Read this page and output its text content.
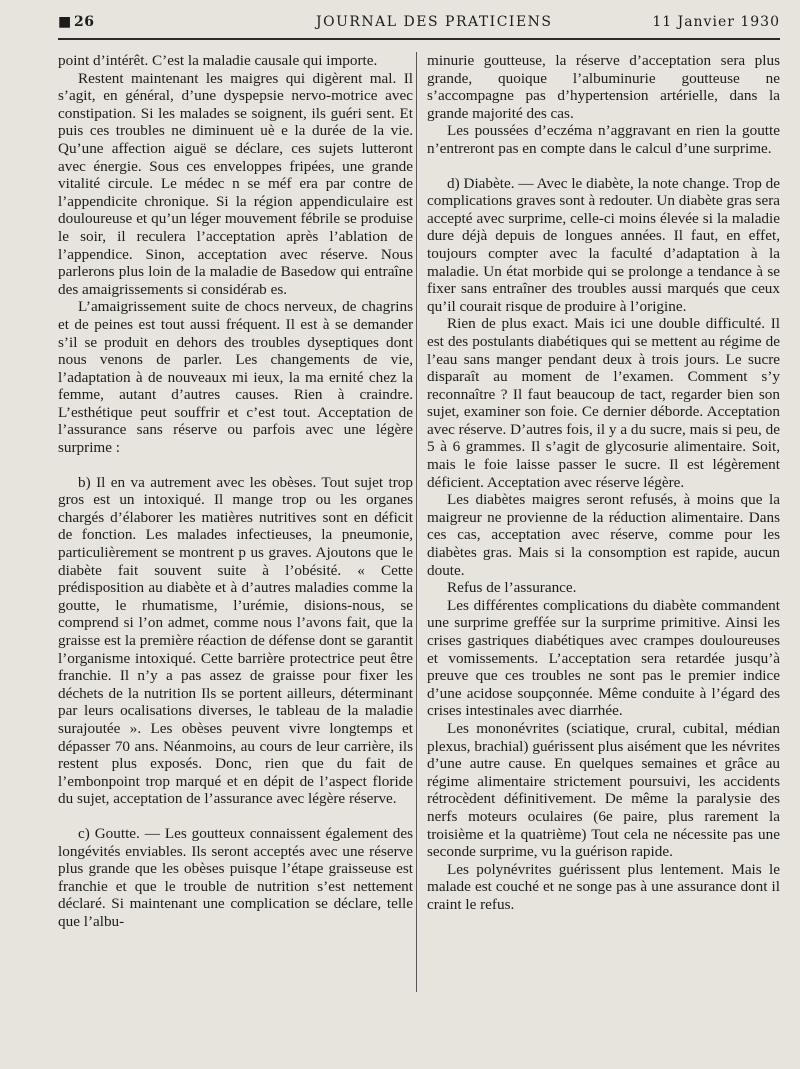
■ 26	JOURNAL DES PRATICIENS	11 Janvier 1930

point d’intérêt. C’est la maladie causale qui importe.

Restent maintenant les maigres qui digèrent mal. Il s’agit, en général, d’une dyspepsie nervo-motrice avec constipation. Si les malades se soignent, ils guéri sent. Et puis ces troubles ne diminuent uè e la durée de la vie. Qu’une affection aiguë se déclare, ces sujets lutteront avec énergie. Sous ces enveloppes fripées, une grande vitalité circule. Le médec n se méf era par contre de l’appendicite chronique. Si la région appendiculaire est douloureuse et qu’un léger mouvement fébrile se produise le soir, il reculera l’acceptation après l’ablation de l’appendice. Sinon, acceptation avec réserve. Nous parlerons plus loin de la maladie de Basedow qui entraîne des amaigrissements si considérab es.

L’amaigrissement suite de chocs nerveux, de chagrins et de peines est tout aussi fréquent. Il est à se demander s’il se produit en dehors des troubles dyseptiques dont nous venons de parler. Les changements de vie, l’adaptation à de nouveaux mi ieux, la ma ernité chez la femme, autant d’autres causes. Rien à craindre. L’esthétique peut souffrir et c’est tout. Acceptation de l’assurance sans réserve ou parfois avec une légère surprime :

b) Il en va autrement avec les obèses. Tout sujet trop gros est un intoxiqué. Il mange trop ou les organes chargés d’élaborer les matières nutritives sont en déficit de fonction. Les malades infectieuses, la pneumonie, particulièrement se montrent p us graves. Ajoutons que le diabète fait souvent suite à l’obésité. « Cette prédisposition au diabète et à d’autres maladies comme la goutte, le rhumatisme, l’urémie, disions-nous, se comprend si l’on admet, comme nous l’avons fait, que la graisse est la première réaction de défense dont se garantit l’organisme intoxiqué. Cette barrière protectrice peut être franchie. Il n’y a pas assez de graisse pour fixer les déchets de la nutrition Ils se portent ailleurs, déterminant par leurs ocalisations diverses, le tableau de la maladie surajoutée ». Les obèses peuvent vivre longtemps et dépasser 70 ans. Néanmoins, au cours de leur carrière, ils restent plus exposés. Donc, rien que du fait de l’embonpoint trop marqué et en dépit de l’aspect floride du sujet, acceptation de l’assurance avec légère réserve.

c) Goutte. — Les goutteux connaissent également des longévités enviables. Ils seront acceptés avec une réserve plus grande que les obèses puisque l’étape graisseuse est franchie et que le trouble de nutrition s’est nettement déclaré. Si maintenant une complication se déclare, telle que l’albu-

minurie goutteuse, la réserve d’acceptation sera plus grande, quoique l’albuminurie goutteuse ne s’accompagne pas d’hypertension artérielle, dans la grande majorité des cas.

Les poussées d’eczéma n’aggravant en rien la goutte n’entreront pas en compte dans le calcul d’une surprime.

d) Diabète. — Avec le diabète, la note change. Trop de complications graves sont à redouter. Un diabète gras sera accepté avec surprime, celle-ci moins élevée si la maladie dure déjà depuis de longues années. Il faut, en effet, toujours compter avec la faculté d’adaptation à la maladie. Un état morbide qui se prolonge a tendance à se fixer sans entraîner des troubles aussi marqués que ceux qu’il courait risque de produire à l’origine.

Rien de plus exact. Mais ici une double difficulté. Il est des postulants diabétiques qui se mettent au régime de l’eau sans manger pendant deux à trois jours. Le sucre disparaît au moment de l’examen. Comment s’y reconnaître ? Il faut beaucoup de tact, regarder bien son sujet, examiner son foie. Ce dernier déborde. Acceptation avec réserve. D’autres fois, il y a du sucre, mais si peu, de 5 à 6 grammes. Il s’agit de glycosurie alimentaire. Soit, mais le foie laisse passer le sucre. Il est légèrement déficient. Acceptation avec réserve légère.

Les diabètes maigres seront refusés, à moins que la maigreur ne provienne de la réduction alimentaire. Dans ces cas, acceptation avec réserve, comme pour les diabètes gras. Mais si la consomption est rapide, aucun doute.

Refus de l’assurance.

Les différentes complications du diabète commandent une surprime greffée sur la surprime primitive. Ainsi les crises gastriques diabétiques avec crampes douloureuses et vomissements. L’acceptation sera retardée jusqu’à preuve que ces troubles ne sont pas le premier indice d’une acidose soupçonnée. Même conduite à l’égard des crises intestinales avec diarrhée.

Les mononévrites (sciatique, crural, cubital, médian plexus, brachial) guérissent plus aisément que les névrites d’une autre cause. En quelques semaines et grâce au régime alimentaire strictement poursuivi, les accidents rétrocèdent définitivement. De même la paralysie des nerfs moteurs oculaires (6e paire, plus rarement la troisième et la quatrième) Tout cela ne nécessite pas une seconde surprime, vu la guérison rapide.

Les polynévrites guérissent plus lentement. Mais le malade est couché et ne songe pas à une assurance dont il craint le refus.
